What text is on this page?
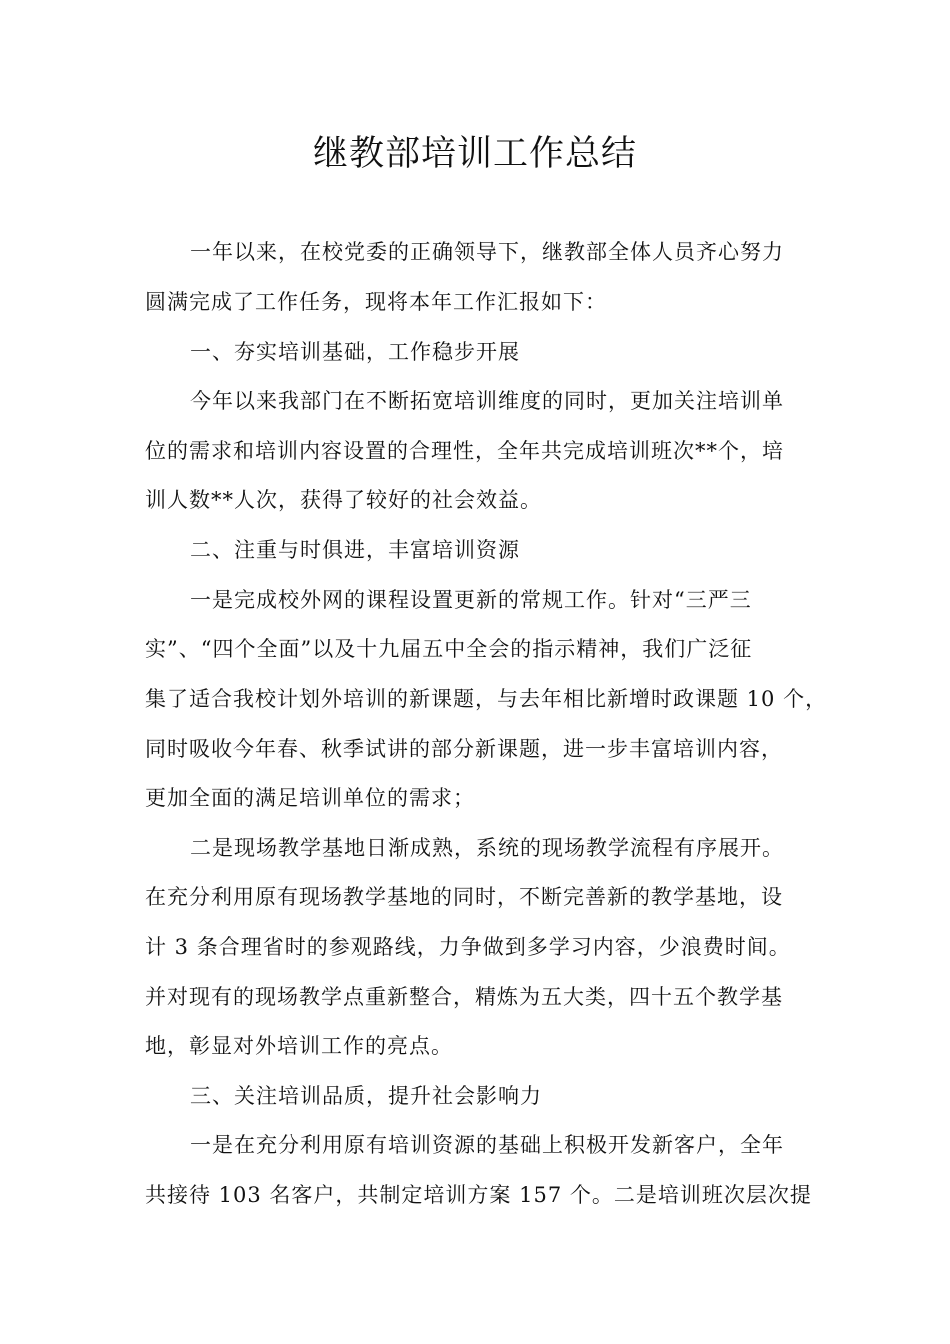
继教部培训工作总结
一年以来，在校党委的正确领导下，继教部全体人员齐心努力
圆满完成了工作任务，现将本年工作汇报如下：
一、夯实培训基础，工作稳步开展
今年以来我部门在不断拓宽培训维度的同时，更加关注培训单
位的需求和培训内容设置的合理性，全年共完成培训班次**个，培
训人数**人次，获得了较好的社会效益。
二、注重与时俱进，丰富培训资源
一是完成校外网的课程设置更新的常规工作。针对“三严三
实”、“四个全面”以及十九届五中全会的指示精神，我们广泛征
集了适合我校计划外培训的新课题，与去年相比新增时政课题 10 个，
同时吸收今年春、秋季试讲的部分新课题，进一步丰富培训内容，
更加全面的满足培训单位的需求；
二是现场教学基地日渐成熟，系统的现场教学流程有序展开。
在充分利用原有现场教学基地的同时，不断完善新的教学基地，设
计 3 条合理省时的参观路线，力争做到多学习内容，少浪费时间。
并对现有的现场教学点重新整合，精炼为五大类，四十五个教学基
地，彰显对外培训工作的亮点。
三、关注培训品质，提升社会影响力
一是在充分利用原有培训资源的基础上积极开发新客户，全年
共接待 103 名客户，共制定培训方案 157 个。二是培训班次层次提
